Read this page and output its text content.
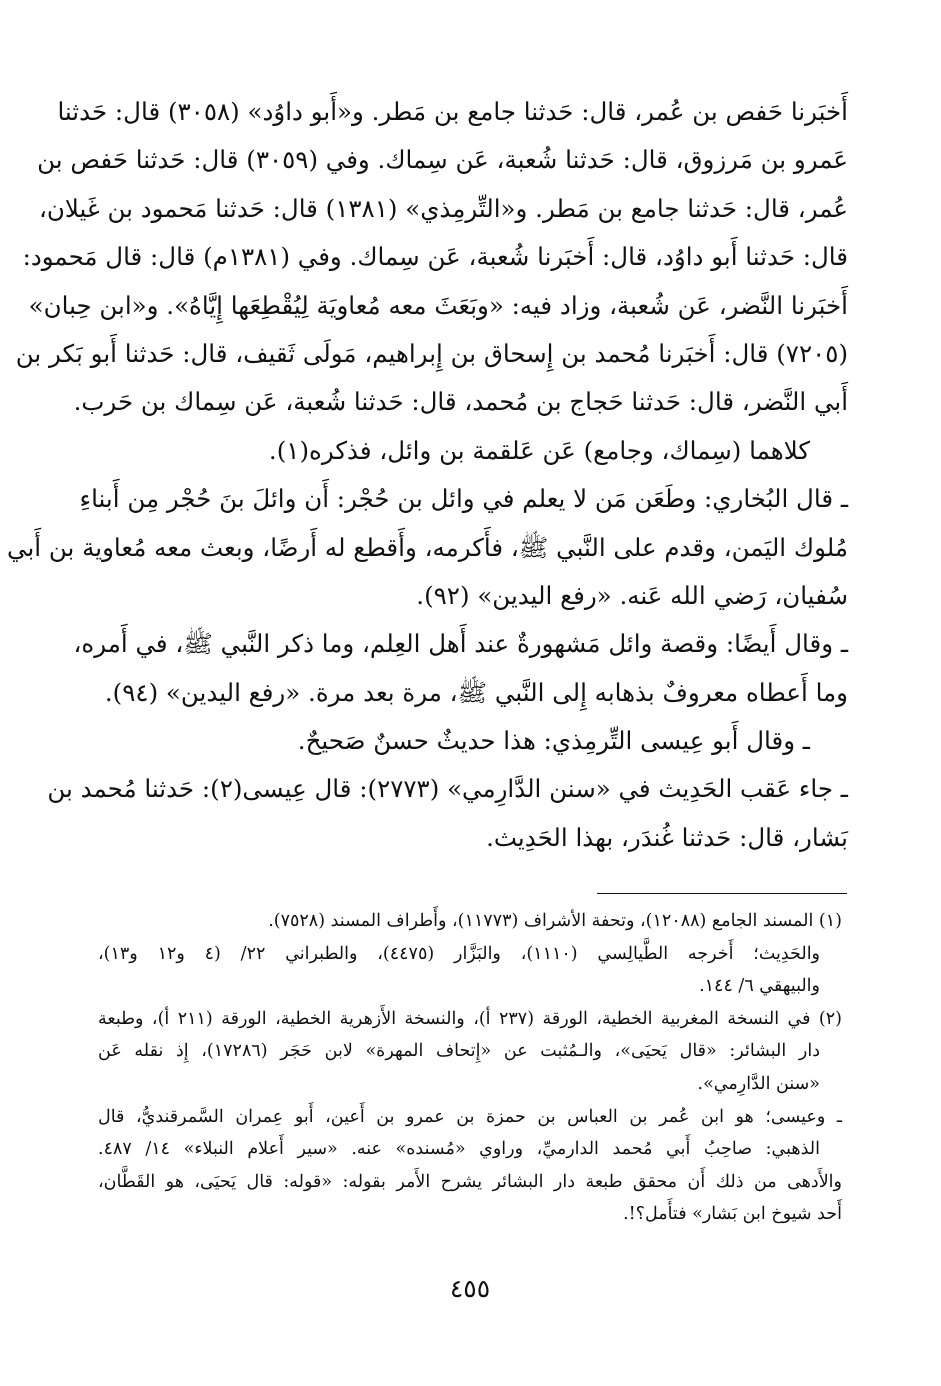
أَخبَرنا حَفص بن عُمر، قال: حَدثنا جامع بن مَطر. و«أَبو داوُد» (٣٠٥٨) قال: حَدثنا
عَمرو بن مَرزوق، قال: حَدثنا شُعبة، عَن سِماك. وفي (٣٠٥٩) قال: حَدثنا حَفص بن
عُمر، قال: حَدثنا جامع بن مَطر. و«التِّرمِذي» (١٣٨١) قال: حَدثنا مَحمود بن غَيلان،
قال: حَدثنا أَبو داوُد، قال: أَخبَرنا شُعبة، عَن سِماك. وفي (١٣٨١م) قال: قال مَحمود:
أَخبَرنا النَّضر، عَن شُعبة، وزاد فيه: «وبَعَثَ معه مُعاويَة لِيُقْطِعَها إِيَّاهُ». و«ابن حِبان»
(٧٢٠٥) قال: أَخبَرنا مُحمد بن إِسحاق بن إِبراهيم، مَولَى ثَقيف، قال: حَدثنا أَبو بَكر بن
أَبي النَّضر، قال: حَدثنا حَجاج بن مُحمد، قال: حَدثنا شُعبة، عَن سِماك بن حَرب.
كلاهما (سِماك، وجامع) عَن عَلقمة بن وائل، فذكره(١).
ـ قال البُخاري: وطَعَن مَن لا يعلم في وائل بن حُجْر: أَن وائلَ بنَ حُجْر مِن أَبناءِ
مُلوك اليَمن، وقدم على النَّبي ﷺ، فأَكرمه، وأَقطع له أَرضًا، وبعث معه مُعاوية بن أَبي
سُفيان، رَضي الله عَنه. «رفع اليدين» (٩٢).
ـ وقال أَيضًا: وقصة وائل مَشهورةٌ عند أَهل العِلم، وما ذكر النَّبي ﷺ، في أَمره،
وما أَعطاه معروفٌ بذهابه إِلى النَّبي ﷺ، مرة بعد مرة. «رفع اليدين» (٩٤).
ـ وقال أَبو عِيسى التِّرمِذي: هذا حديثٌ حسنٌ صَحيحٌ.
ـ جاء عَقب الحَدِيث في «سنن الدَّارِمي» (٢٧٧٣): قال عِيسى(٢): حَدثنا مُحمد بن
بَشار، قال: حَدثنا غُندَر، بهذا الحَدِيث.
(١) المسند الجامع (١٢٠٨٨)، وتحفة الأشراف (١١٧٧٣)، وأَطراف المسند (٧٥٢٨).
والحَدِيث؛ أَخرجه الطَّيالِسي (١١١٠)، والبَزَّار (٤٤٧٥)، والطبراني ٢٢/ (٤ و١٢ و١٣)،
والبيهقي ٦/ ١٤٤.
(٢) في النسخة المغربية الخطية، الورقة (٢٣٧ أ)، والنسخة الأَزهرية الخطية، الورقة (٢١١ أ)، وطبعة
دار البشائر: «قال يَحيَى»، والـمُثبت عن «إِتحاف المهرة» لابن حَجَر (١٧٢٨٦)، إِذ نقله عَن
«سنن الدَّارِمي».
ـ وعيسى؛ هو ابن عُمر بن العباس بن حمزة بن عمرو بن أَعين، أَبو عِمران السَّمرقنديُّ، قال
الذهبي: صاحِبُ أَبي مُحمد الدارميِّ، وراوي «مُسنده» عنه. «سير أَعلام النبلاء» ١٤/ ٤٨٧.
والأَدهى من ذلك أَن محقق طبعة دار البشائر يشرح الأَمر بقوله: «قوله: قال يَحيَى، هو القَطَّان،
أَحد شيوخ ابن بَشار» فتأَمل؟!.
٤٥٥
